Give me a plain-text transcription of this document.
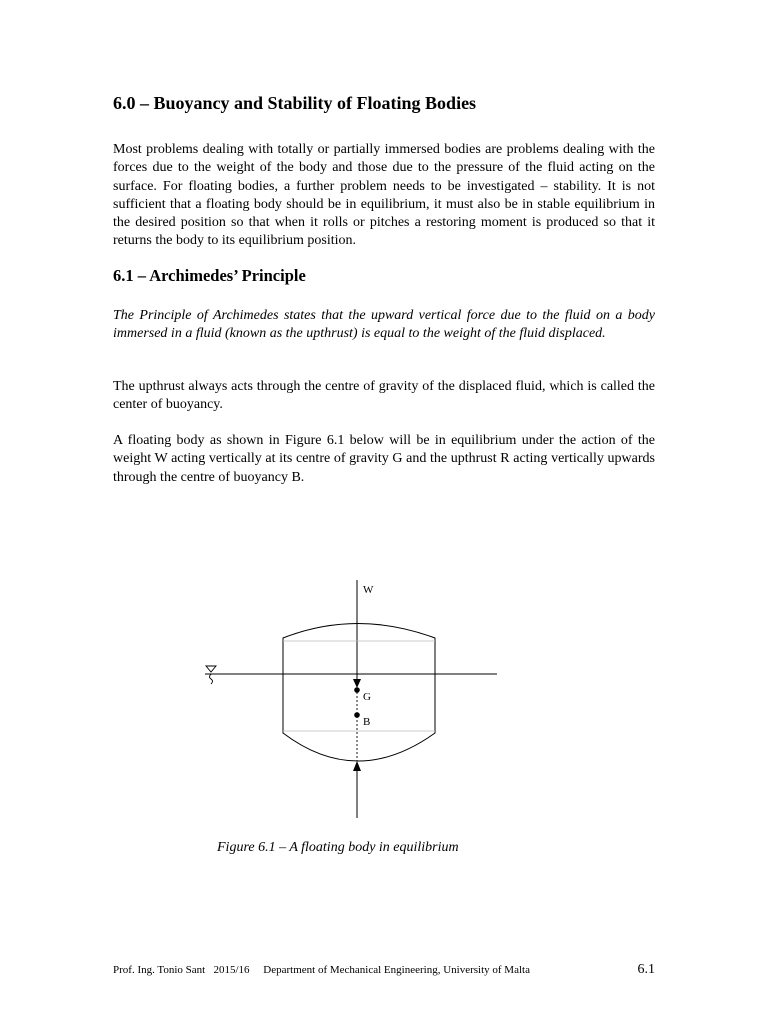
6.0 – Buoyancy and Stability of Floating Bodies

Most problems dealing with totally or partially immersed bodies are problems dealing with the forces due to the weight of the body and those due to the pressure of the fluid acting on the surface. For floating bodies, a further problem needs to be investigated – stability. It is not sufficient that a floating body should be in equilibrium, it must also be in stable equilibrium in the desired position so that when it rolls or pitches a restoring moment is produced so that it returns the body to its equilibrium position.

6.1 – Archimedes’ Principle

The Principle of Archimedes states that the upward vertical force due to the fluid on a body immersed in a fluid (known as the upthrust) is equal to the weight of the fluid displaced.

The upthrust always acts through the centre of gravity of the displaced fluid, which is called the center of buoyancy.

A floating body as shown in Figure 6.1 below will be in equilibrium under the action of the weight W acting vertically at its centre of gravity G and the upthrust R acting vertically upwards through the centre of buoyancy B.

W
G
B

Figure 6.1 – A floating body in equilibrium

Prof. Ing. Tonio Sant 2015/16 Department of Mechanical Engineering, University of Malta	6.1
